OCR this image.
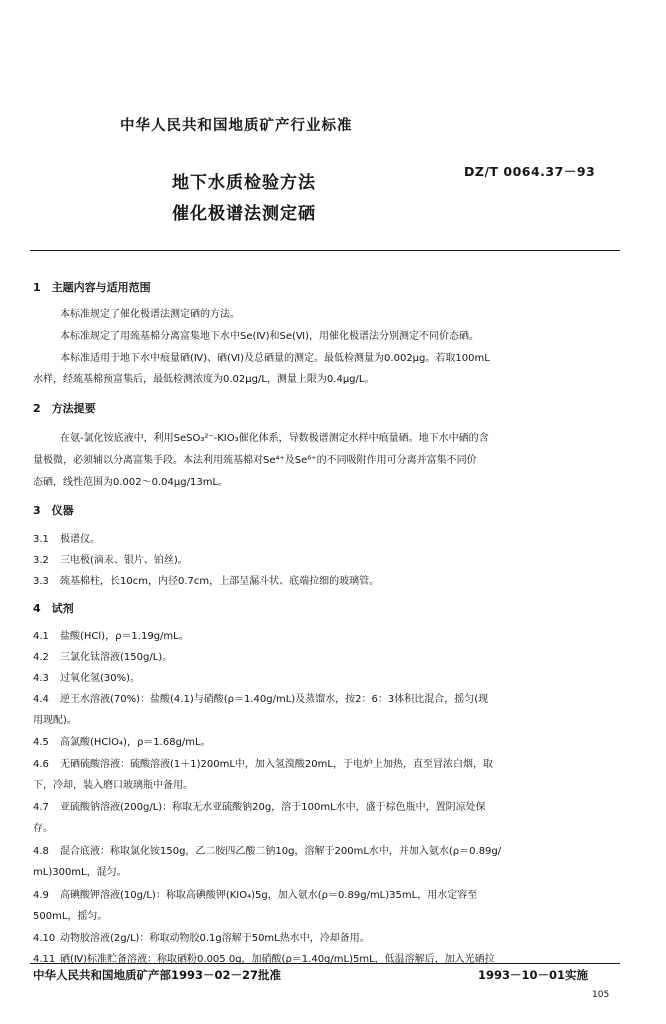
中华人民共和国地质矿产行业标准
地下水质检验方法
催化极谱法测定硒
DZ/T 0064.37－93
1　主题内容与适用范围
本标准规定了催化极谱法测定硒的方法。
本标准规定了用巯基棉分离富集地下水中Se(Ⅳ)和Se(Ⅵ)，用催化极谱法分别测定不同价态硒。
本标准适用于地下水中痕量硒(Ⅳ)、硒(Ⅵ)及总硒量的测定。最低检测量为0.002μg。若取100mL
水样，经巯基棉预富集后，最低检测浓度为0.02μg/L，测量上限为0.4μg/L。
2　方法提要
在氨-氯化铵底液中，利用SeSO₃²⁻-KIO₃催化体系，导数极谱测定水样中痕量硒。地下水中硒的含
量极微，必须辅以分离富集手段。本法利用巯基棉对Se⁴⁺及Se⁶⁺的不同吸附作用可分离并富集不同价
态硒，线性范围为0.002～0.04μg/13mL。
3　仪器
3.1 极谱仪。
3.2 三电极(滴汞、银片、铂丝)。
3.3 巯基棉柱，长10cm，内径0.7cm，上部呈漏斗状、底端拉细的玻璃管。
4　试剂
4.1 盐酸(HCl)，ρ＝1.19g/mL。
4.2 三氯化钛溶液(150g/L)。
4.3 过氧化氢(30%)。
4.4 逆王水溶液(70%)：盐酸(4.1)与硝酸(ρ＝1.40g/mL)及蒸馏水，按2：6：3体积比混合，摇匀(现
用现配)。
4.5 高氯酸(HClO₄)，ρ＝1.68g/mL。
4.6 无硒硫酸溶液：硫酸溶液(1＋1)200mL中，加入氢溴酸20mL，于电炉上加热，直至冒浓白烟，取
下，冷却，装入磨口玻璃瓶中备用。
4.7 亚硫酸钠溶液(200g/L)：称取无水亚硫酸钠20g，溶于100mL水中，盛于棕色瓶中，置阴凉处保
存。
4.8 混合底液：称取氯化铵150g，乙二胺四乙酸二钠10g，溶解于200mL水中，并加入氨水(ρ＝0.89g/
mL)300mL，混匀。
4.9 高碘酸钾溶液(10g/L)：称取高碘酸钾(KIO₄)5g，加入氨水(ρ＝0.89g/mL)35mL，用水定容至
500mL，摇匀。
4.10 动物胶溶液(2g/L)：称取动物胶0.1g溶解于50mL热水中，冷却备用。
4.11 硒(Ⅳ)标准贮备溶液：称取硒粉0.005 0g，加硝酸(ρ＝1.40g/mL)5mL，低温溶解后，加入光硒拉
中华人民共和国地质矿产部1993－02－27批准	1993－10－01实施
105
